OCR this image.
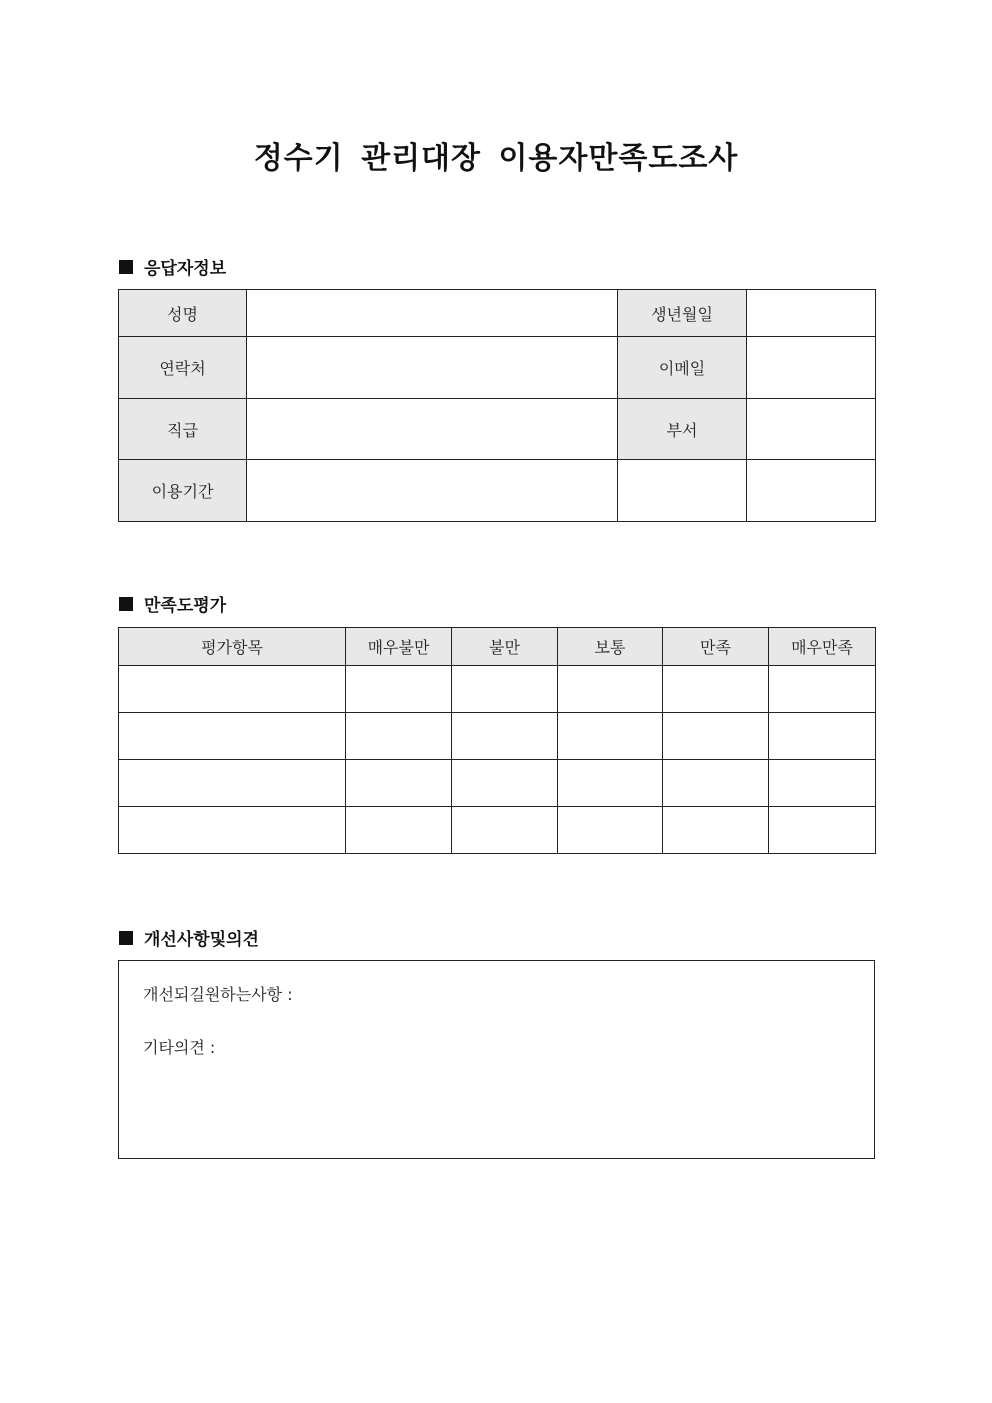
정수기 관리대장 이용자만족도조사
응답자정보
성명		생년월일	
연락처		이메일	
직급		부서	
이용기간			
만족도평가
평가항목	매우불만	불만	보통	만족	매우만족

개선사항및의견
개선되길원하는사항 :
기타의견 :
